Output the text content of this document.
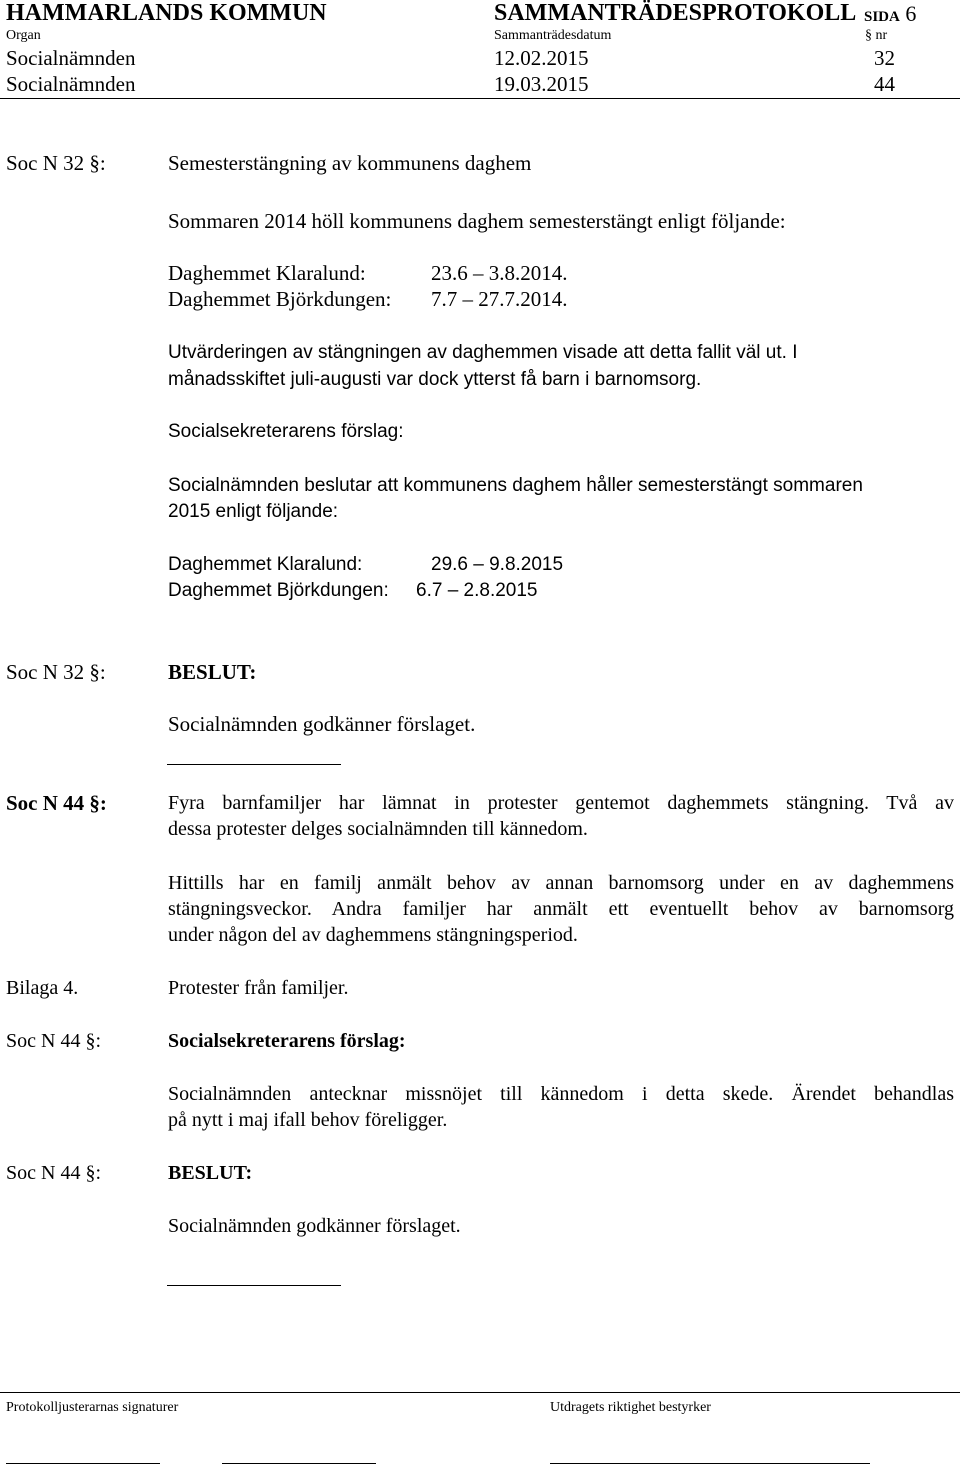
HAMMARLANDS KOMMUN	SAMMANTRÄDESPROTOKOLL SIDA 6
Organ	Sammanträdesdatum	§ nr
Socialnämnden	12.02.2015	32
Socialnämnden	19.03.2015	44
Soc N 32 §:	Semesterstängning av kommunens daghem
Sommaren 2014 höll kommunens daghem semesterstängt enligt följande:
Daghemmet Klaralund:	23.6 – 3.8.2014.
Daghemmet Björkdungen: 7.7 – 27.7.2014.
Utvärderingen av stängningen av daghemmen visade att detta fallit väl ut. I
månadsskiftet juli-augusti var dock ytterst få barn i barnomsorg.
Socialsekreterarens förslag:
Socialnämnden beslutar att kommunens daghem håller semesterstängt sommaren
2015 enligt följande:
Daghemmet Klaralund:	29.6 – 9.8.2015
Daghemmet Björkdungen: 6.7 – 2.8.2015
Soc N 32 §:	BESLUT:
Socialnämnden godkänner förslaget.
Soc N 44 §:	Fyra barnfamiljer har lämnat in protester gentemot daghemmets stängning. Två av
dessa protester delges socialnämnden till kännedom.
Hittills har en familj anmält behov av annan barnomsorg under en av daghemmens
stängningsveckor. Andra familjer har anmält ett eventuellt behov av barnomsorg
under någon del av daghemmens stängningsperiod.
Bilaga 4.	Protester från familjer.
Soc N 44 §:	Socialsekreterarens förslag:
Socialnämnden antecknar missnöjet till kännedom i detta skede. Ärendet behandlas
på nytt i maj ifall behov föreligger.
Soc N 44 §:	BESLUT:
Socialnämnden godkänner förslaget.
Protokolljusterarnas signaturer	Utdragets riktighet bestyrker
